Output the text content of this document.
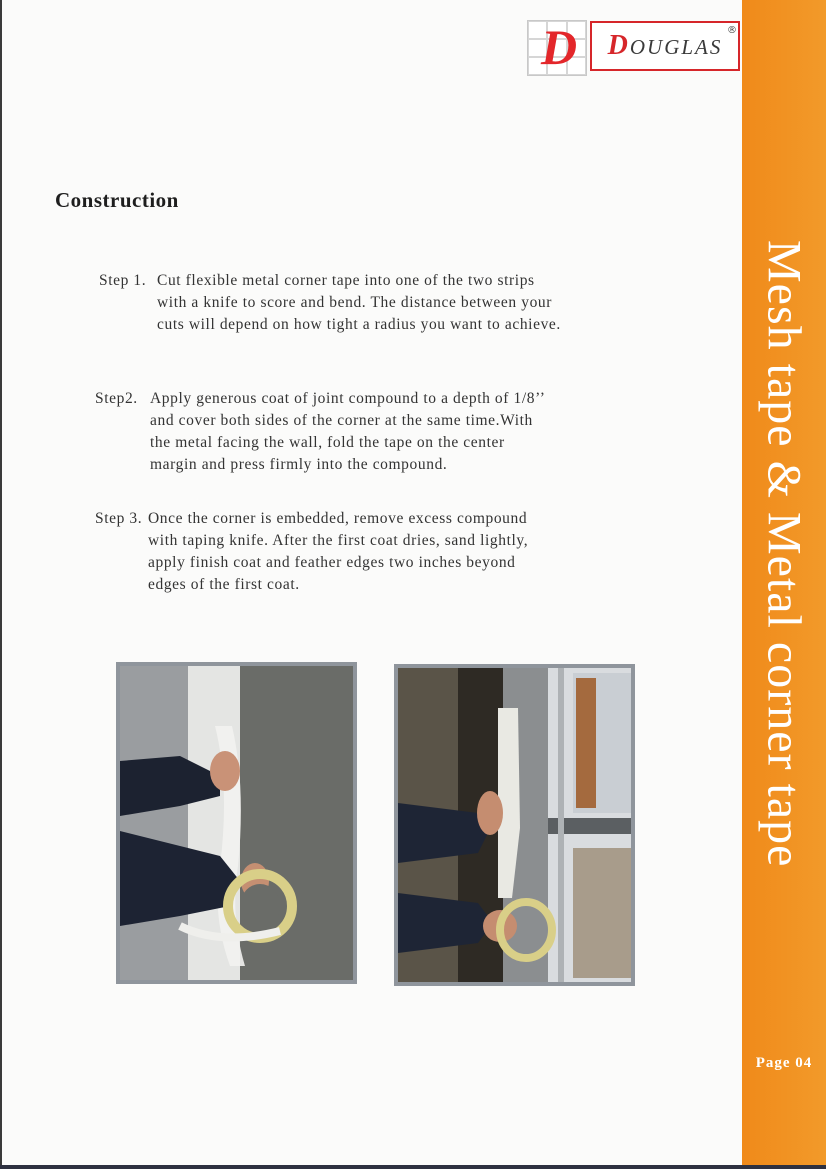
D DOUGLAS
®
Construction
Step 1. Cut flexible metal corner tape into one of the two strips
with a knife to score and bend. The distance between your
cuts will depend on how tight a radius you want to achieve.
Step2. Apply generous coat of joint compound to a depth of 1/8’’
and cover both sides of the corner at the same time.With
the metal facing the wall, fold the tape on the center
margin and press firmly into the compound.
Step 3. Once the corner is embedded, remove excess compound
with taping knife. After the first coat dries, sand lightly,
apply finish coat and feather edges two inches beyond
edges of the first coat.	Mesh tape & Metal corner tape
Page 04
